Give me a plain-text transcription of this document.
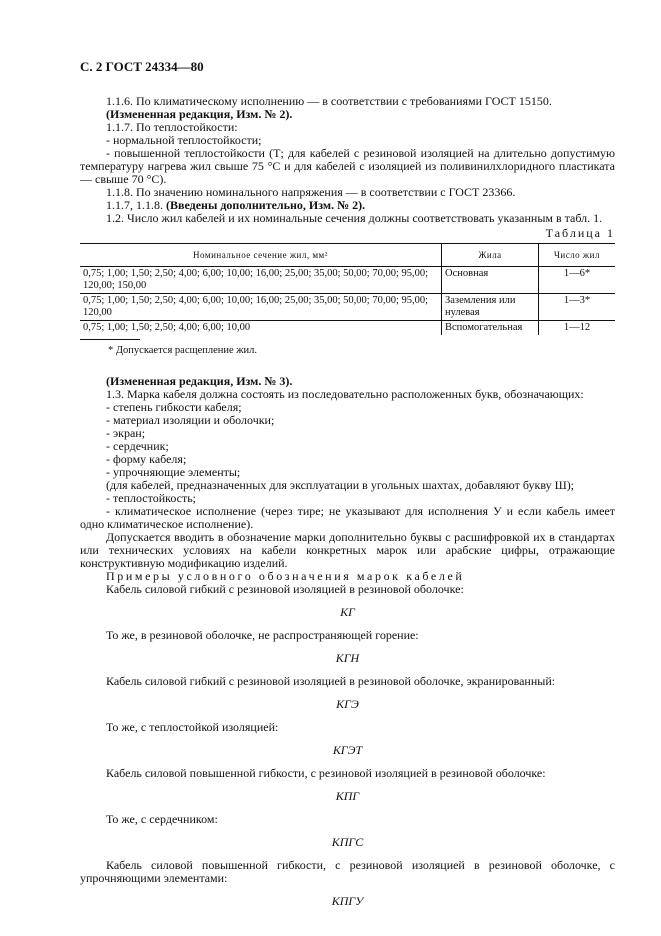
С. 2 ГОСТ 24334—80

1.1.6. По климатическому исполнению — в соответствии с требованиями ГОСТ 15150.

(Измененная редакция, Изм. № 2).

1.1.7. По теплостойкости:

- нормальной теплостойкости;

- повышенной теплостойкости (Т; для кабелей с резиновой изоляцией на длительно допустимую температуру нагрева жил свыше 75 °С и для кабелей с изоляцией из поливинилхлоридного пластиката — свыше 70 °С).

1.1.8. По значению номинального напряжения — в соответствии с ГОСТ 23366.

1.1.7, 1.1.8. (Введены дополнительно, Изм. № 2).

1.2. Число жил кабелей и их номинальные сечения должны соответствовать указанным в табл. 1.

Таблица 1
Номинальное сечение жил, мм²	Жила	Число жил
0,75; 1,00; 1,50; 2,50; 4,00; 6,00; 10,00; 16,00; 25,00; 35,00; 50,00; 70,00; 95,00; 120,00; 150,00	Основная	1—6*
0,75; 1,00; 1,50; 2,50; 4,00; 6,00; 10,00; 16,00; 25,00; 35,00; 50,00; 70,00; 95,00; 120,00	Заземления или нулевая	1—3*
0,75; 1,00; 1,50; 2,50; 4,00; 6,00; 10,00	Вспомогательная	1—12

* Допускается расщепление жил.

(Измененная редакция, Изм. № 3).

1.3. Марка кабеля должна состоять из последовательно расположенных букв, обозначающих:

- степень гибкости кабеля;

- материал изоляции и оболочки;

- экран;

- сердечник;

- форму кабеля;

- упрочняющие элементы;

(для кабелей, предназначенных для эксплуатации в угольных шахтах, добавляют букву Ш);

- теплостойкость;

- климатическое исполнение (через тире; не указывают для исполнения У и если кабель имеет одно климатическое исполнение).

Допускается вводить в обозначение марки дополнительно буквы с расшифровкой их в стандартах или технических условиях на кабели конкретных марок или арабские цифры, отражающие конструктивную модификацию изделий.

Примеры условного обозначения марок кабелей

Кабель силовой гибкий с резиновой изоляцией в резиновой оболочке:

КГ

То же, в резиновой оболочке, не распространяющей горение:

КГН

Кабель силовой гибкий с резиновой изоляцией в резиновой оболочке, экранированный:

КГЭ

То же, с теплостойкой изоляцией:

КГЭТ

Кабель силовой повышенной гибкости, с резиновой изоляцией в резиновой оболочке:

КПГ

То же, с сердечником:

КПГС

Кабель силовой повышенной гибкости, с резиновой изоляцией в резиновой оболочке, с упрочняющими элементами:

КПГУ
